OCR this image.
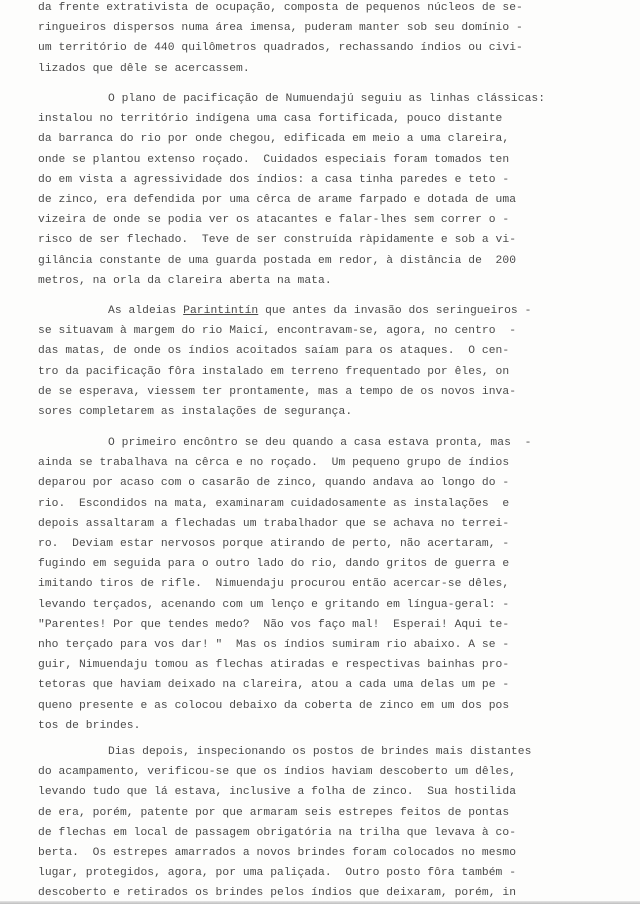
da frente extrativista de ocupação, composta de pequenos núcleos de se-
ringueiros dispersos numa área imensa, puderam manter sob seu domínio -
um território de 440 quilômetros quadrados, rechassando índios ou civi-
lizados que dêle se acercassem.
O plano de pacificação de Numuendajú seguiu as linhas clássicas:
instalou no território indígena uma casa fortificada, pouco distante
da barranca do rio por onde chegou, edificada em meio a uma clareira,
onde se plantou extenso roçado.  Cuidados especiais foram tomados ten
do em vista a agressividade dos índios: a casa tinha paredes e teto -
de zinco, era defendida por uma cêrca de arame farpado e dotada de uma
vizeira de onde se podia ver os atacantes e falar-lhes sem correr o -
risco de ser flechado.  Teve de ser construída ràpidamente e sob a vi-
gilância constante de uma guarda postada em redor, à distância de  200
metros, na orla da clareira aberta na mata.
As aldeias Parintintín que antes da invasão dos seringueiros -
se situavam à margem do rio Maicí, encontravam-se, agora, no centro  -
das matas, de onde os índios acoitados saíam para os ataques.  O cen-
tro da pacificação fôra instalado em terreno frequentado por êles, on
de se esperava, viessem ter prontamente, mas a tempo de os novos inva-
sores completarem as instalações de segurança.
O primeiro encôntro se deu quando a casa estava pronta, mas  -
ainda se trabalhava na cêrca e no roçado.  Um pequeno grupo de índios
deparou por acaso com o casarão de zinco, quando andava ao longo do -
rio.  Escondidos na mata, examinaram cuidadosamente as instalações  e
depois assaltaram a flechadas um trabalhador que se achava no terrei-
ro.  Deviam estar nervosos porque atirando de perto, não acertaram, -
fugindo em seguida para o outro lado do rio, dando gritos de guerra e
imitando tiros de rifle.  Nimuendaju procurou então acercar-se dêles,
levando terçados, acenando com um lenço e gritando em língua-geral: -
"Parentes! Por que tendes medo?  Não vos faço mal!  Esperai! Aqui te-
nho terçado para vos dar! "  Mas os índios sumiram rio abaixo. A se -
guir, Nimuendaju tomou as flechas atiradas e respectivas bainhas pro-
tetoras que haviam deixado na clareira, atou a cada uma delas um pe -
queno presente e as colocou debaixo da coberta de zinco em um dos pos
tos de brindes.
Dias depois, inspecionando os postos de brindes mais distantes
do acampamento, verificou-se que os índios haviam descoberto um dêles,
levando tudo que lá estava, inclusive a folha de zinco.  Sua hostilida
de era, porém, patente por que armaram seis estrepes feitos de pontas
de flechas em local de passagem obrigatória na trilha que levava à co-
berta.  Os estrepes amarrados a novos brindes foram colocados no mesmo
lugar, protegidos, agora, por uma paliçada.  Outro posto fôra também -
descoberto e retirados os brindes pelos índios que deixaram, porém, in
